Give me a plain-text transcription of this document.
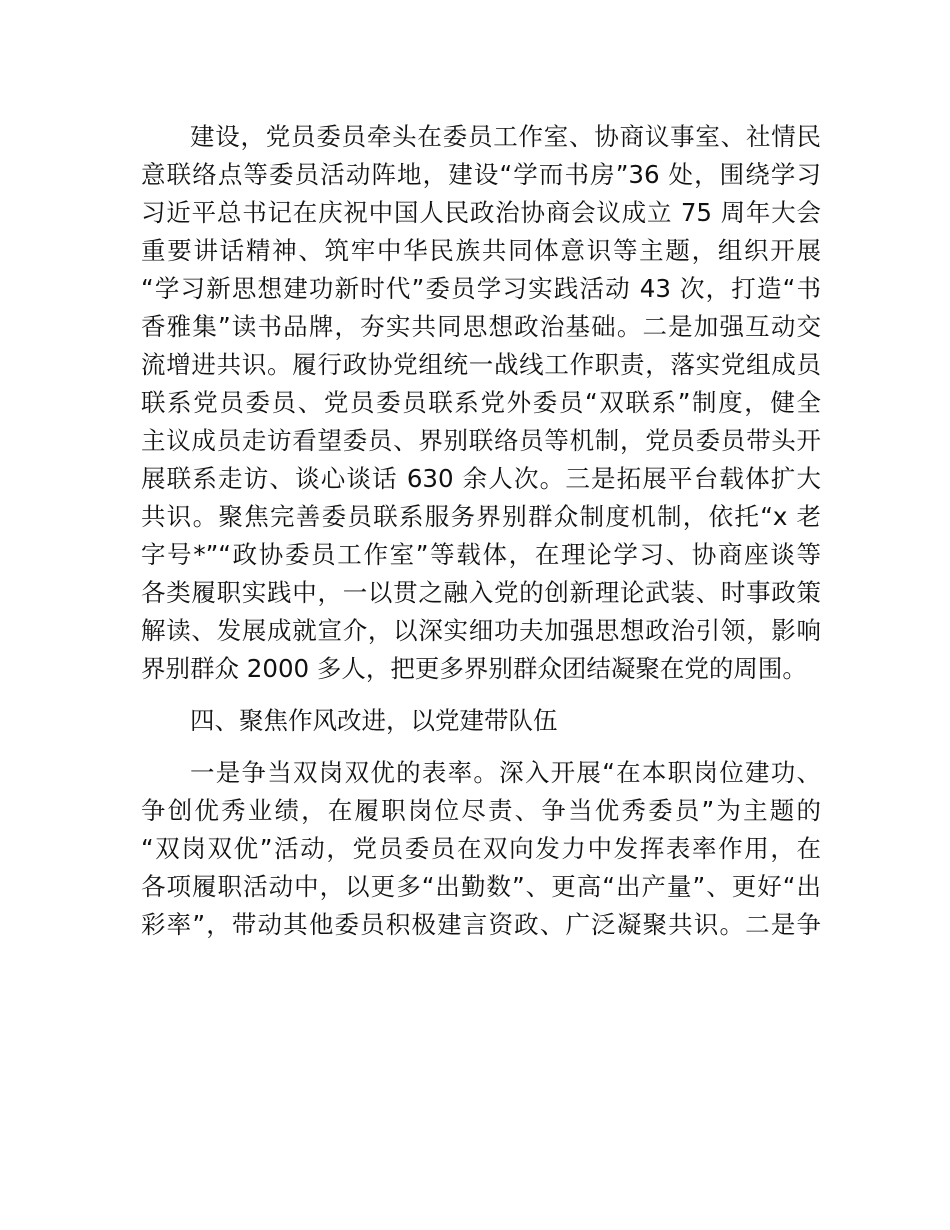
建设，党员委员牵头在委员工作室、协商议事室、社情民
意联络点等委员活动阵地，建设“学而书房”36 处，围绕学习
习近平总书记在庆祝中国人民政治协商会议成立 75 周年大会
重要讲话精神、筑牢中华民族共同体意识等主题，组织开展
“学习新思想建功新时代”委员学习实践活动 43 次，打造“书
香雅集”读书品牌，夯实共同思想政治基础。二是加强互动交
流增进共识。履行政协党组统一战线工作职责，落实党组成员
联系党员委员、党员委员联系党外委员“双联系”制度，健全
主议成员走访看望委员、界别联络员等机制，党员委员带头开
展联系走访、谈心谈话 630 余人次。三是拓展平台载体扩大
共识。聚焦完善委员联系服务界别群众制度机制，依托“x 老
字号*”“政协委员工作室”等载体，在理论学习、协商座谈等
各类履职实践中，一以贯之融入党的创新理论武装、时事政策
解读、发展成就宣介，以深实细功夫加强思想政治引领，影响
界别群众 2000 多人，把更多界别群众团结凝聚在党的周围。
四、聚焦作风改进，以党建带队伍
一是争当双岗双优的表率。深入开展“在本职岗位建功、
争创优秀业绩，在履职岗位尽责、争当优秀委员”为主题的
“双岗双优”活动，党员委员在双向发力中发挥表率作用，在
各项履职活动中，以更多“出勤数”、更高“出产量”、更好“出
彩率”，带动其他委员积极建言资政、广泛凝聚共识。二是争
